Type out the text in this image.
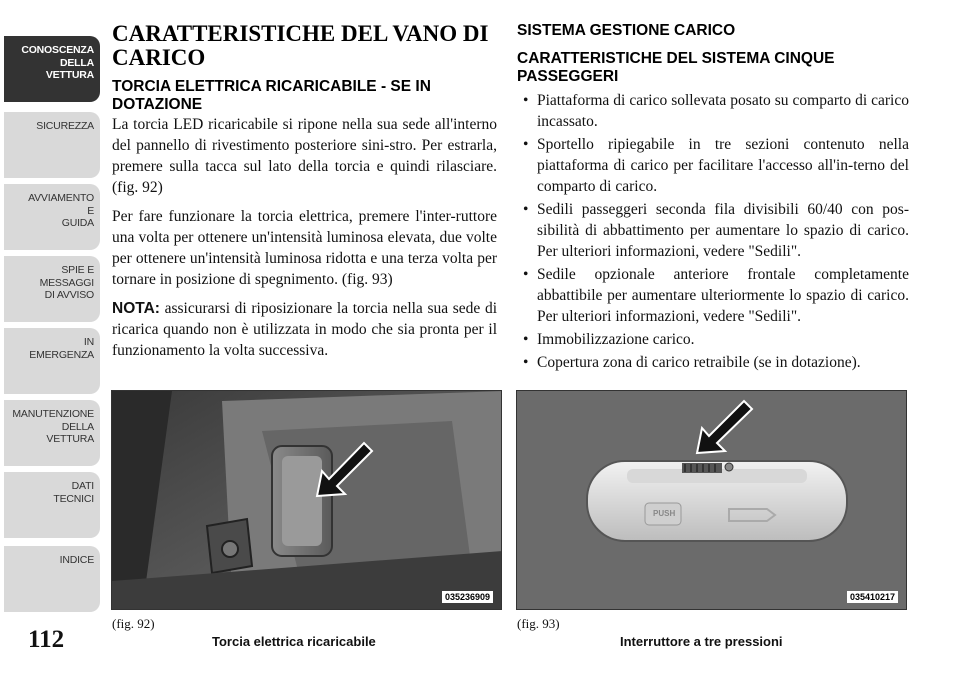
CONOSCENZA
DELLA
VETTURA
SICUREZZA
AVVIAMENTO
E
GUIDA
SPIE E
MESSAGGI
DI AVVISO
IN
EMERGENZA
MANUTENZIONE
DELLA
VETTURA
DATI
TECNICI
INDICE
112
CARATTERISTICHE DEL VANO DI CARICO
TORCIA ELETTRICA RICARICABILE - SE IN DOTAZIONE

La torcia LED ricaricabile si ripone nella sua sede all'interno del pannello di rivestimento posteriore sini-stro. Per estrarla, premere sulla tacca sul lato della torcia e quindi rilasciare. (fig. 92)

Per fare funzionare la torcia elettrica, premere l'inter-ruttore una volta per ottenere un'intensità luminosa elevata, due volte per ottenere un'intensità luminosa ridotta e una terza volta per tornare in posizione di spegnimento. (fig. 93)

NOTA: assicurarsi di riposizionare la torcia nella sua sede di ricarica quando non è utilizzata in modo che sia pronta per il funzionamento la volta successiva.

SISTEMA GESTIONE CARICO
CARATTERISTICHE DEL SISTEMA CINQUE PASSEGGERI
• Piattaforma di carico sollevata posato su comparto di carico incassato.
• Sportello ripiegabile in tre sezioni contenuto nella piattaforma di carico per facilitare l'accesso all'in-terno del comparto di carico.
• Sedili passeggeri seconda fila divisibili 60/40 con pos-sibilità di abbattimento per aumentare lo spazio di carico. Per ulteriori informazioni, vedere "Sedili".
• Sedile opzionale anteriore frontale completamente abbattibile per aumentare ulteriormente lo spazio di carico. Per ulteriori informazioni, vedere "Sedili".
• Immobilizzazione carico.
• Copertura zona di carico retraibile (se in dotazione).
035236909
PUSH
035410217
(fig. 92)
Torcia elettrica ricaricabile
(fig. 93)
Interruttore a tre pressioni
